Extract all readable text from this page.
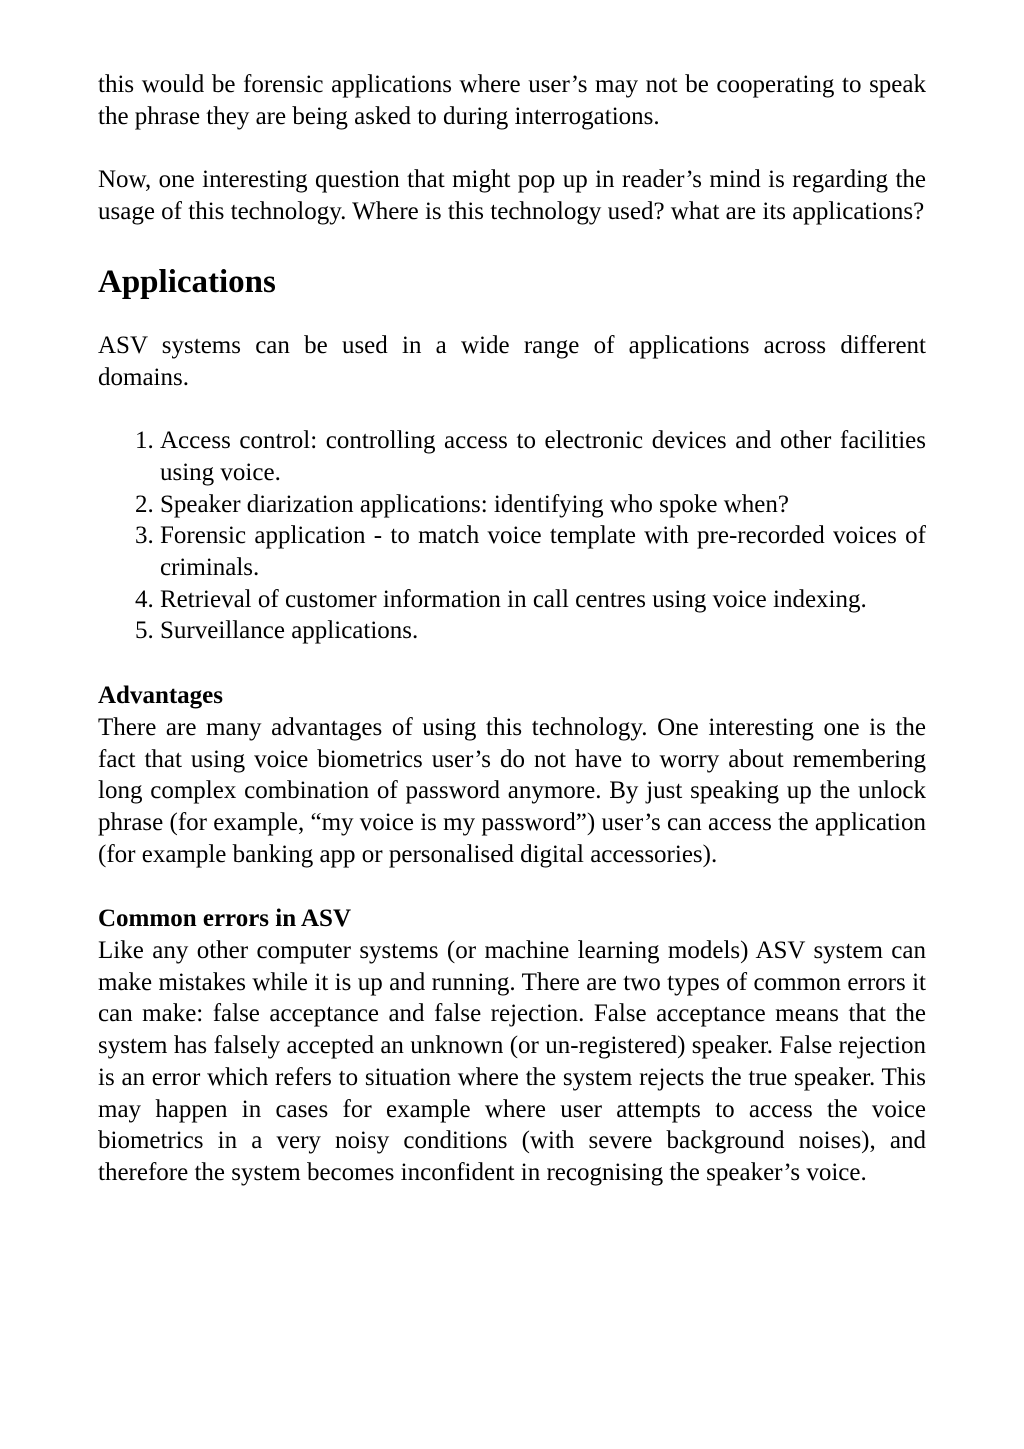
this would be forensic applications where user’s may not be cooperating to speak the phrase they are being asked to during interrogations.

Now, one interesting question that might pop up in reader’s mind is regarding the usage of this technology. Where is this technology used? what are its applications?

Applications

ASV systems can be used in a wide range of applications across different domains.

1. Access control: controlling access to electronic devices and other facilities using voice.
2. Speaker diarization applications: identifying who spoke when?
3. Forensic application - to match voice template with pre-recorded voices of criminals.
4. Retrieval of customer information in call centres using voice indexing.
5. Surveillance applications.

Advantages

There are many advantages of using this technology. One interesting one is the fact that using voice biometrics user’s do not have to worry about remembering long complex combination of password anymore. By just speaking up the unlock phrase (for example, “my voice is my password”) user’s can access the application (for example banking app or personalised digital accessories).

Common errors in ASV

Like any other computer systems (or machine learning models) ASV system can make mistakes while it is up and running. There are two types of common errors it can make: false acceptance and false rejection. False acceptance means that the system has falsely accepted an unknown (or un-registered) speaker. False rejection is an error which refers to situation where the system rejects the true speaker. This may happen in cases for example where user attempts to access the voice biometrics in a very noisy conditions (with severe background noises), and therefore the system becomes inconfident in recognising the speaker’s voice.
